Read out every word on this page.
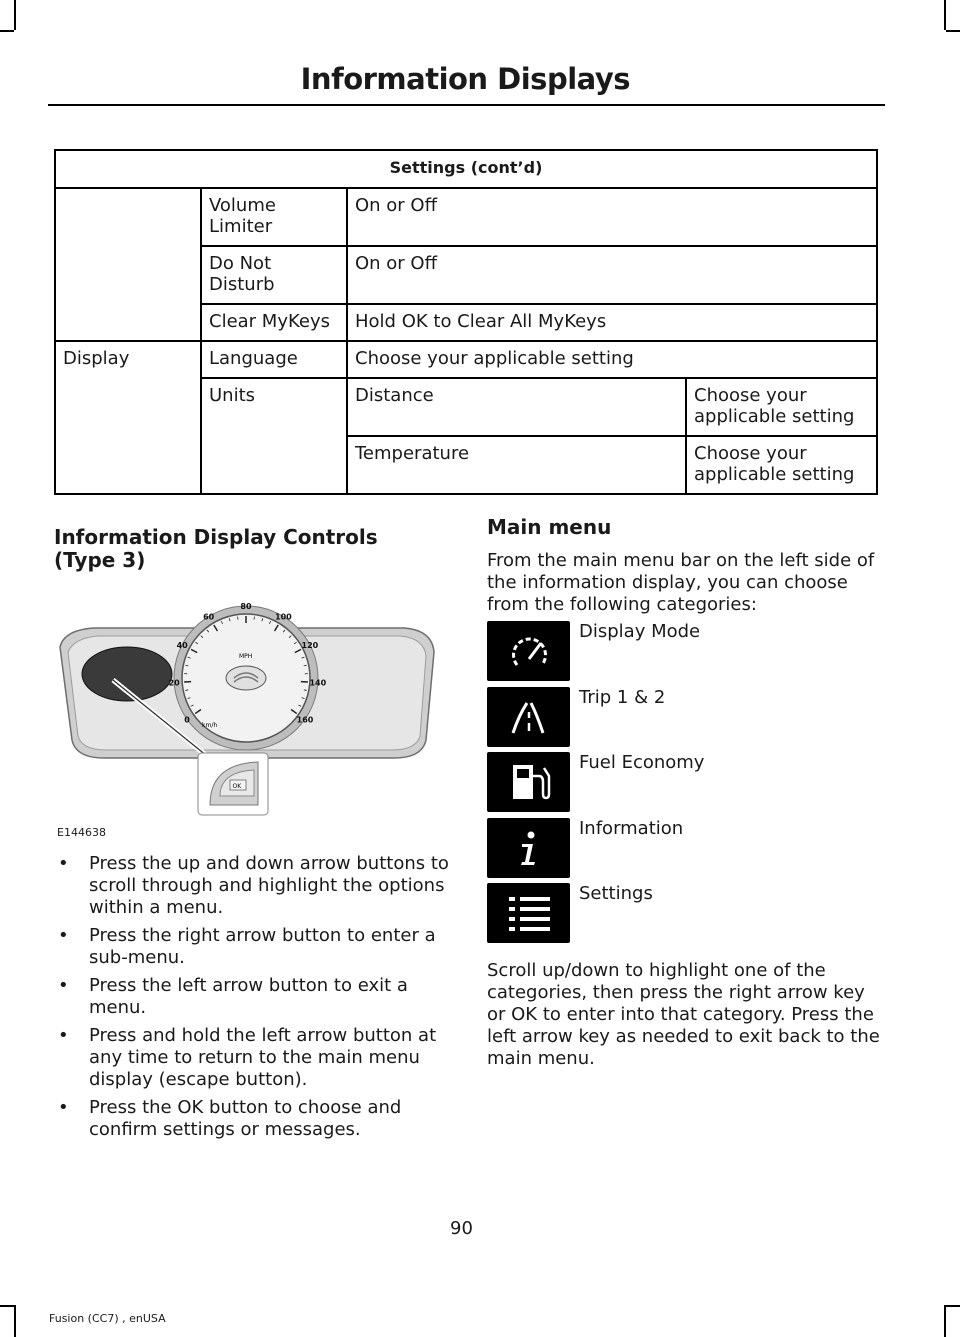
Information Displays
Settings (cont’d)			
	Volume Limiter	On or Off	
	Do Not Disturb	On or Off	
	Clear MyKeys	Hold OK to Clear All MyKeys	
Display	Language	Choose your applicable setting	
	Units	Distance	Choose your applicable setting
		Temperature	Choose your applicable setting
Information Display Controls (Type 3)
0
20
40
60
80
100
120
140
160
MPH
km/h
OK
E144638
• Press the up and down arrow buttons to scroll through and highlight the options within a menu.
• Press the right arrow button to enter a sub-menu.
• Press the left arrow button to exit a menu.
• Press and hold the left arrow button at any time to return to the main menu display (escape button).
• Press the OK button to choose and confirm settings or messages.
Main menu
From the main menu bar on the left side of the information display, you can choose from the following categories:
Display Mode
Trip 1 & 2
Fuel Economy
Information
Settings
Scroll up/down to highlight one of the categories, then press the right arrow key or OK to enter into that category. Press the left arrow key as needed to exit back to the main menu.
90
Fusion (CC7) , enUSA
